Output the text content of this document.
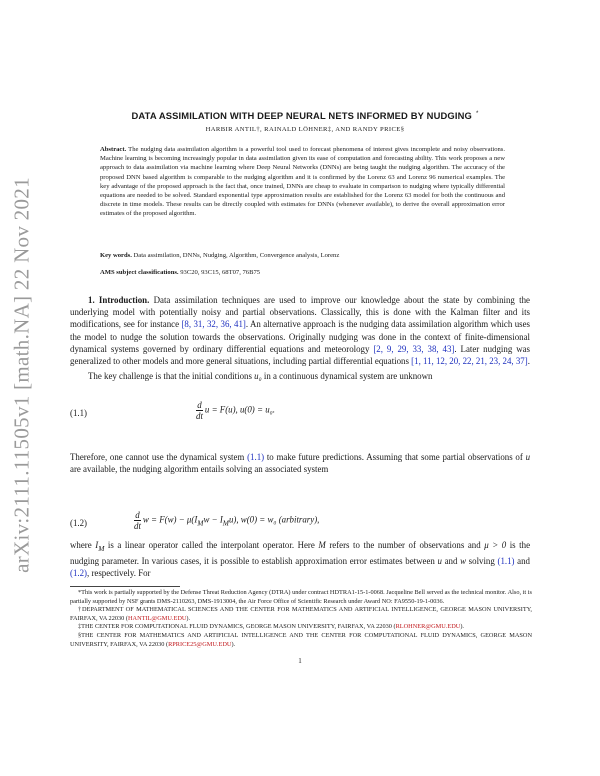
arXiv:2111.11505v1 [math.NA] 22 Nov 2021
DATA ASSIMILATION WITH DEEP NEURAL NETS INFORMED BY NUDGING *
HARBIR ANTIL†, RAINALD LÖHNER‡, AND RANDY PRICE§
Abstract. The nudging data assimilation algorithm is a powerful tool used to forecast phenomena of interest gives incomplete and noisy observations. Machine learning is becoming increasingly popular in data assimilation given its ease of computation and forecasting ability. This work proposes a new approach to data assimilation via machine learning where Deep Neural Networks (DNNs) are being taught the nudging algorithm. The accuracy of the proposed DNN based algorithm is comparable to the nudging algorithm and it is confirmed by the Lorenz 63 and Lorenz 96 numerical examples. The key advantage of the proposed approach is the fact that, once trained, DNNs are cheap to evaluate in comparison to nudging where typically differential equations are needed to be solved. Standard exponential type approximation results are established for the Lorenz 63 model for both the continuous and discrete in time models. These results can be directly coupled with estimates for DNNs (whenever available), to derive the overall approximation error estimates of the proposed algorithm.
Key words. Data assimilation, DNNs, Nudging, Algorithm, Convergence analysis, Lorenz
AMS subject classifications. 93C20, 93C15, 68T07, 76B75
1. Introduction. Data assimilation techniques are used to improve our knowledge about the state by combining the underlying model with potentially noisy and partial observations. Classically, this is done with the Kalman filter and its modifications, see for instance [8, 31, 32, 36, 41]. An alternative approach is the nudging data assimilation algorithm which uses the model to nudge the solution towards the observations. Originally nudging was done in the context of finite-dimensional dynamical systems governed by ordinary differential equations and meteorology [2, 9, 29, 33, 38, 43]. Later nudging was generalized to other models and more general situations, including partial differential equations [1, 11, 12, 20, 22, 21, 23, 24, 37].
The key challenge is that the initial conditions u₀ in a continuous dynamical system are unknown
(1.1)	$\frac{d}{dt}$ u = F(u), u(0) = u₀.
Therefore, one cannot use the dynamical system (1.1) to make future predictions. Assuming that some partial observations of u are available, the nudging algorithm entails solving an associated system
(1.2)	$\frac{d}{dt}$ $w = F(w) - \mu(I_Mw - I_Mu)$, w(0) = w₀ (arbitrary),
where $I_M$ is a linear operator called the interpolant operator. Here M refers to the number of observations and μ > 0 is the nudging parameter. In various cases, it is possible to establish approximation error estimates between u and w solving (1.1) and (1.2), respectively. For

*This work is partially supported by the Defense Threat Reduction Agency (DTRA) under contract HDTRA1-15-1-0068. Jacqueline Bell served as the technical monitor. Also, it is partially supported by NSF grants DMS-2110263, DMS-1913004, the Air Force Office of Scientific Research under Award NO: FA9550-19-1-0036.

†DEPARTMENT OF MATHEMATICAL SCIENCES AND THE CENTER FOR MATHEMATICS AND ARTIFICIAL INTELLIGENCE, GEORGE MASON UNIVERSITY, FAIRFAX, VA 22030 (HANTIL@GMU.EDU).

‡THE CENTER FOR COMPUTATIONAL FLUID DYNAMICS, GEORGE MASON UNIVERSITY, FAIRFAX, VA 22030 (RLOHNER@GMU.EDU).

§THE CENTER FOR MATHEMATICS AND ARTIFICIAL INTELLIGENCE AND THE CENTER FOR COMPUTATIONAL FLUID DYNAMICS, GEORGE MASON UNIVERSITY, FAIRFAX, VA 22030 (RPRICE25@GMU.EDU).

1
